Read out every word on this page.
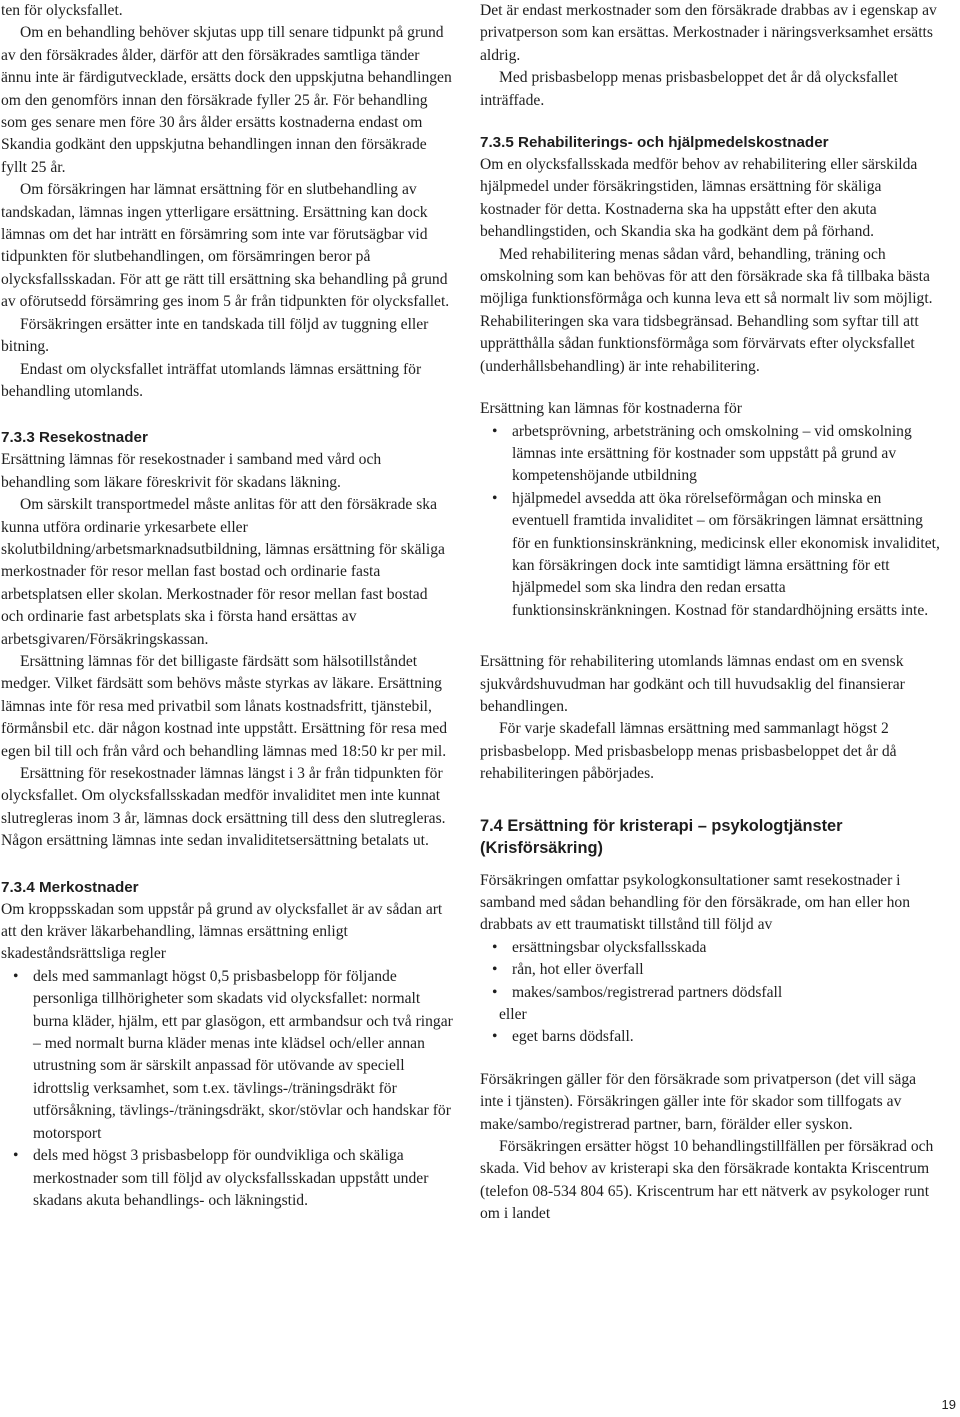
ten för olycksfallet.

Om en behandling behöver skjutas upp till senare tidpunkt på grund av den försäkrades ålder, därför att den försäkrades samtliga tänder ännu inte är färdigutvecklade, ersätts dock den uppskjutna behandlingen om den genomförs innan den försäkrade fyller 25 år. För behandling som ges senare men före 30 års ålder ersätts kostnaderna endast om Skandia godkänt den uppskjutna behandlingen innan den försäkrade fyllt 25 år.

Om försäkringen har lämnat ersättning för en slutbehandling av tandskadan, lämnas ingen ytterligare ersättning. Ersättning kan dock lämnas om det har inträtt en försämring som inte var förutsägbar vid tidpunkten för slutbehandlingen, om försämringen beror på olycksfallsskadan. För att ge rätt till ersättning ska behandling på grund av oförutsedd försämring ges inom 5 år från tidpunkten för olycksfallet.

Försäkringen ersätter inte en tandskada till följd av tuggning eller bitning.

Endast om olycksfallet inträffat utomlands lämnas ersättning för behandling utomlands.

7.3.3 Resekostnader

Ersättning lämnas för resekostnader i samband med vård och behandling som läkare föreskrivit för skadans läkning.

Om särskilt transportmedel måste anlitas för att den försäkrade ska kunna utföra ordinarie yrkesarbete eller skolutbildning/arbetsmarknadsutbildning, lämnas ersättning för skäliga merkostnader för resor mellan fast bostad och ordinarie fasta arbetsplatsen eller skolan. Merkostnader för resor mellan fast bostad och ordinarie fast arbetsplats ska i första hand ersättas av arbetsgivaren/Försäkringskassan.

Ersättning lämnas för det billigaste färdsätt som hälsotillståndet medger. Vilket färdsätt som behövs måste styrkas av läkare. Ersättning lämnas inte för resa med privatbil som lånats kostnadsfritt, tjänstebil, förmånsbil etc. där någon kostnad inte uppstått. Ersättning för resa med egen bil till och från vård och behandling lämnas med 18:50 kr per mil.

Ersättning för resekostnader lämnas längst i 3 år från tidpunkten för olycksfallet. Om olycksfallsskadan medför invaliditet men inte kunnat slutregleras inom 3 år, lämnas dock ersättning till dess den slutregleras. Någon ersättning lämnas inte sedan invaliditetsersättning betalats ut.

7.3.4 Merkostnader

Om kroppsskadan som uppstår på grund av olycksfallet är av sådan art att den kräver läkarbehandling, lämnas ersättning enligt skadeståndsrättsliga regler

• dels med sammanlagt högst 0,5 prisbasbelopp för följande personliga tillhörigheter som skadats vid olycksfallet: normalt burna kläder, hjälm, ett par glasögon, ett armbandsur och två ringar – med normalt burna kläder menas inte klädsel och/eller annan utrustning som är särskilt anpassad för utövande av speciell idrottslig verksamhet, som t.ex. tävlings-/träningsdräkt för utförsåkning, tävlings-/träningsdräkt, skor/stövlar och handskar för motorsport
• dels med högst 3 prisbasbelopp för oundvikliga och skäliga merkostnader som till följd av olycksfallsskadan uppstått under skadans akuta behandlings- och läkningstid.

Det är endast merkostnader som den försäkrade drabbas av i egenskap av privatperson som kan ersättas. Merkostnader i näringsverksamhet ersätts aldrig.

Med prisbasbelopp menas prisbasbeloppet det år då olycksfallet inträffade.

7.3.5 Rehabiliterings- och hjälpmedelskostnader

Om en olycksfallsskada medför behov av rehabilitering eller särskilda hjälpmedel under försäkringstiden, lämnas ersättning för skäliga kostnader för detta. Kostnaderna ska ha uppstått efter den akuta behandlingstiden, och Skandia ska ha godkänt dem på förhand.

Med rehabilitering menas sådan vård, behandling, träning och omskolning som kan behövas för att den försäkrade ska få tillbaka bästa möjliga funktionsförmåga och kunna leva ett så normalt liv som möjligt. Rehabiliteringen ska vara tidsbegränsad. Behandling som syftar till att upprätthålla sådan funktionsförmåga som förvärvats efter olycksfallet (underhållsbehandling) är inte rehabilitering.

Ersättning kan lämnas för kostnaderna för

• arbetsprövning, arbetsträning och omskolning – vid omskolning lämnas inte ersättning för kostnader som uppstått på grund av kompetenshöjande utbildning
• hjälpmedel avsedda att öka rörelseförmågan och minska en eventuell framtida invaliditet – om försäkringen lämnat ersättning för en funktionsinskränkning, medicinsk eller ekonomisk invaliditet, kan försäkringen dock inte samtidigt lämna ersättning för ett hjälpmedel som ska lindra den redan ersatta funktionsinskränkningen. Kostnad för standardhöjning ersätts inte.

Ersättning för rehabilitering utomlands lämnas endast om en svensk sjukvårdshuvudman har godkänt och till huvudsaklig del finansierar behandlingen.

För varje skadefall lämnas ersättning med sammanlagt högst 2 prisbasbelopp. Med prisbasbelopp menas prisbasbeloppet det år då rehabiliteringen påbörjades.

7.4 Ersättning för kristerapi – psykologtjänster (Krisförsäkring)

Försäkringen omfattar psykologkonsultationer samt resekostnader i samband med sådan behandling för den försäkrade, om han eller hon drabbats av ett traumatiskt tillstånd till följd av

• ersättningsbar olycksfallsskada
• rån, hot eller överfall
• makes/sambos/registrerad partners dödsfall

eller

• eget barns dödsfall.

Försäkringen gäller för den försäkrade som privatperson (det vill säga inte i tjänsten). Försäkringen gäller inte för skador som tillfogats av make/sambo/registrerad partner, barn, förälder eller syskon.

Försäkringen ersätter högst 10 behandlingstillfällen per försäkrad och skada. Vid behov av kristerapi ska den försäkrade kontakta Kriscentrum (telefon 08-534 804 65). Kriscentrum har ett nätverk av psykologer runt om i landet

19
